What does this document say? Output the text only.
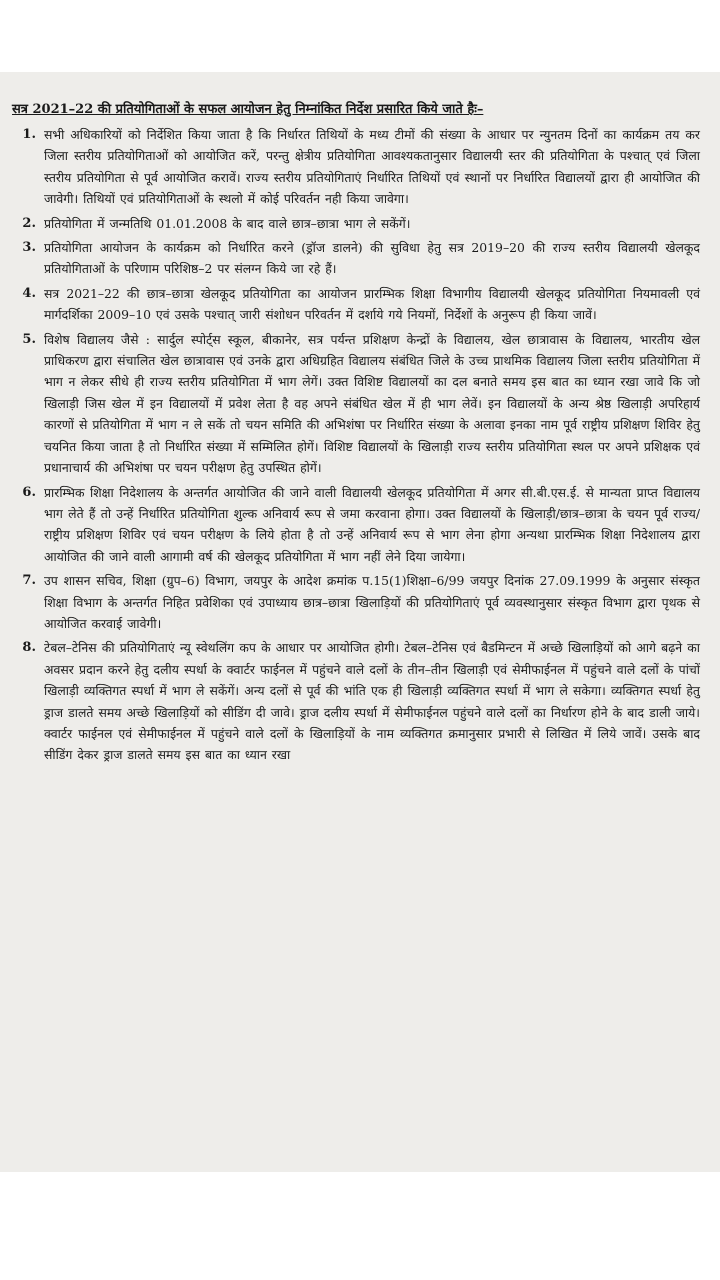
सत्र 2021–22 की प्रतियोगिताओं के सफल आयोजन हेतु निम्नांकित निर्देश प्रसारित किये जाते हैः–
1. सभी अधिकारियों को निर्देशित किया जाता है कि निर्धारत तिथियों के मध्य टीमों की संख्या के आधार पर न्युनतम दिनों का कार्यक्रम तय कर जिला स्तरीय प्रतियोगिताओं को आयोजित करें, परन्तु क्षेत्रीय प्रतियोगिता आवश्यकतानुसार विद्यालयी स्तर की प्रतियोगिता के पश्चात् एवं जिला स्तरीय प्रतियोगिता से पूर्व आयोजित करावें। राज्य स्तरीय प्रतियोगिताएं निर्धारित तिथियों एवं स्थानों पर निर्धारित विद्यालयों द्वारा ही आयोजित की जावेगी। तिथियों एवं प्रतियोगिताओं के स्थलो में कोई परिवर्तन नही किया जावेगा।
2. प्रतियोगिता में जन्मतिथि 01.01.2008 के बाद वाले छात्र–छात्रा भाग ले सकेंगें।
3. प्रतियोगिता आयोजन के कार्यक्रम को निर्धारित करने (ड्रॉज डालने) की सुविधा हेतु सत्र 2019–20 की राज्य स्तरीय विद्यालयी खेलकूद प्रतियोगिताओं के परिणाम परिशिष्ठ–2 पर संलग्न किये जा रहे हैं।
4. सत्र 2021–22 की छात्र–छात्रा खेलकूद प्रतियोगिता का आयोजन प्रारम्भिक शिक्षा विभागीय विद्यालयी खेलकूद प्रतियोगिता नियमावली एवं मार्गदर्शिका 2009–10 एवं उसके पश्चात् जारी संशोधन परिवर्तन में दर्शाये गये नियमों, निर्देशों के अनुरूप ही किया जावें।
5. विशेष विद्यालय जैसे : सार्दुल स्पोर्ट्स स्कूल, बीकानेर, सत्र पर्यन्त प्रशिक्षण केन्द्रों के विद्यालय, खेल छात्रावास के विद्यालय, भारतीय खेल प्राधिकरण द्वारा संचालित खेल छात्रावास एवं उनके द्वारा अधिग्रहित विद्यालय संबंधित जिले के उच्च प्राथमिक विद्यालय जिला स्तरीय प्रतियोगिता में भाग न लेकर सीधे ही राज्य स्तरीय प्रतियोगिता में भाग लेगें। उक्त विशिष्ट विद्यालयों का दल बनाते समय इस बात का ध्यान रखा जावे कि जो खिलाड़ी जिस खेल में इन विद्यालयों में प्रवेश लेता है वह अपने संबंधित खेल में ही भाग लेवें। इन विद्यालयों के अन्य श्रेष्ठ खिलाड़ी अपरिहार्य कारणों से प्रतियोगिता में भाग न ले सकें तो चयन समिति की अभिशंषा पर निर्धारित संख्या के अलावा इनका नाम पूर्व राष्ट्रीय प्रशिक्षण शिविर हेतु चयनित किया जाता है तो निर्धारित संख्या में सम्मिलित होगें। विशिष्ट विद्यालयों के खिलाड़ी राज्य स्तरीय प्रतियोगिता स्थल पर अपने प्रशिक्षक एवं प्रधानाचार्य की अभिशंषा पर चयन परीक्षण हेतु उपस्थित होगें।
6. प्रारम्भिक शिक्षा निदेशालय के अन्तर्गत आयोजित की जाने वाली विद्यालयी खेलकूद प्रतियोगिता में अगर सी.बी.एस.ई. से मान्यता प्राप्त विद्यालय भाग लेते हैं तो उन्हें निर्धारित प्रतियोगिता शुल्क अनिवार्य रूप से जमा करवाना होगा। उक्त विद्यालयों के खिलाड़ी/छात्र–छात्रा के चयन पूर्व राज्य/राष्ट्रीय प्रशिक्षण शिविर एवं चयन परीक्षण के लिये होता है तो उन्हें अनिवार्य रूप से भाग लेना होगा अन्यथा प्रारम्भिक शिक्षा निदेशालय द्वारा आयोजित की जाने वाली आगामी वर्ष की खेलकूद प्रतियोगिता में भाग नहीं लेने दिया जायेगा।
7. उप शासन सचिव, शिक्षा (ग्रुप–6) विभाग, जयपुर के आदेश क्रमांक प.15(1)शिक्षा–6/99 जयपुर दिनांक 27.09.1999 के अनुसार संस्कृत शिक्षा विभाग के अन्तर्गत निहित प्रवेशिका एवं उपाध्याय छात्र–छात्रा खिलाड़ियों की प्रतियोगिताएं पूर्व व्यवस्थानुसार संस्कृत विभाग द्वारा पृथक से आयोजित करवाई जावेगी।
8. टेबल–टेनिस की प्रतियोगिताएं न्यू स्वेथलिंग कप के आधार पर आयोजित होगी। टेबल–टेनिस एवं बैडमिन्टन में अच्छे खिलाड़ियों को आगे बढ़ने का अवसर प्रदान करने हेतु दलीय स्पर्धा के क्वार्टर फाईनल में पहुंचने वाले दलों के तीन–तीन खिलाड़ी एवं सेमीफाईनल में पहुंचने वाले दलों के पांचों खिलाड़ी व्यक्तिगत स्पर्धा में भाग ले सकेंगें। अन्य दलों से पूर्व की भांति एक ही खिलाड़ी व्यक्तिगत स्पर्धा में भाग ले सकेगा। व्यक्तिगत स्पर्धा हेतु ड्राज डालते समय अच्छे खिलाड़ियों को सीडिंग दी जावे। ड्राज दलीय स्पर्धा में सेमीफाईनल पहुंचने वाले दलों का निर्धारण होने के बाद डाली जाये। क्वार्टर फाईनल एवं सेमीफाईनल में पहुंचने वाले दलों के खिलाड़ियों के नाम व्यक्तिगत क्रमानुसार प्रभारी से लिखित में लिये जावें। उसके बाद सीडिंग देकर ड्राज डालते समय इस बात का ध्यान रखा
